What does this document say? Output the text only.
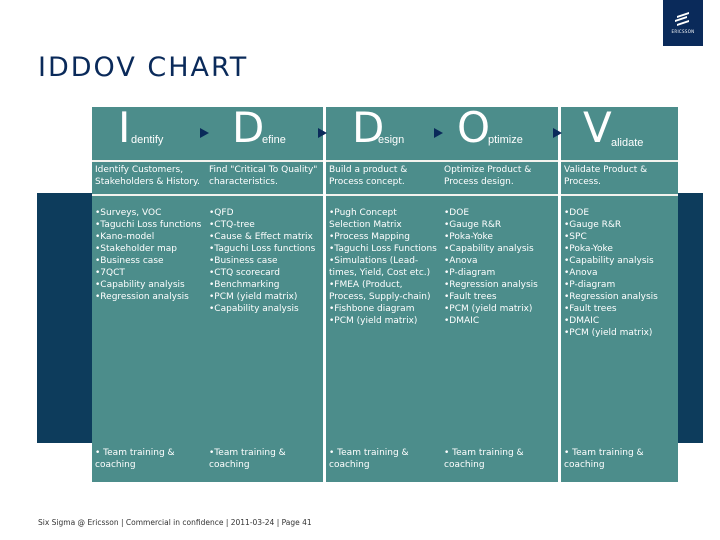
ERICSSON
IDDOV CHART
I dentify
Identify Customers, Stakeholders & History.
•Surveys, VOC
•Taguchi Loss functions
•Kano-model
•Stakeholder map
•Business case
•7QCT
•Capability analysis
•Regression analysis
• Team training & coaching
D
efine
Find "Critical To Quality" characteristics.
•QFD
•CTQ-tree
•Cause & Effect matrix
•Taguchi Loss functions
•Business case
•CTQ scorecard
•Benchmarking
•PCM (yield matrix)
•Capability analysis
•Team training & coaching
D
esign
Build a product & Process concept.
•Pugh Concept Selection Matrix
•Process Mapping
•Taguchi Loss Functions
•Simulations (Lead-times, Yield, Cost etc.)
•FMEA (Product, Process, Supply-chain)
•Fishbone diagram
•PCM (yield matrix)
• Team training & coaching
O
ptimize
Optimize Product & Process design.
•DOE
•Gauge R&R
•Poka-Yoke
•Capability analysis
•Anova
•P-diagram
•Regression analysis
•Fault trees
•PCM (yield matrix)
•DMAIC
• Team training & coaching
V alidate
Validate Product & Process.
•DOE
•Gauge R&R
•SPC
•Poka-Yoke
•Capability analysis
•Anova
•P-diagram
•Regression analysis
•Fault trees
•DMAIC
•PCM (yield matrix)
• Team training & coaching
Six Sigma @ Ericsson | Commercial in confidence | 2011-03-24 | Page 41
